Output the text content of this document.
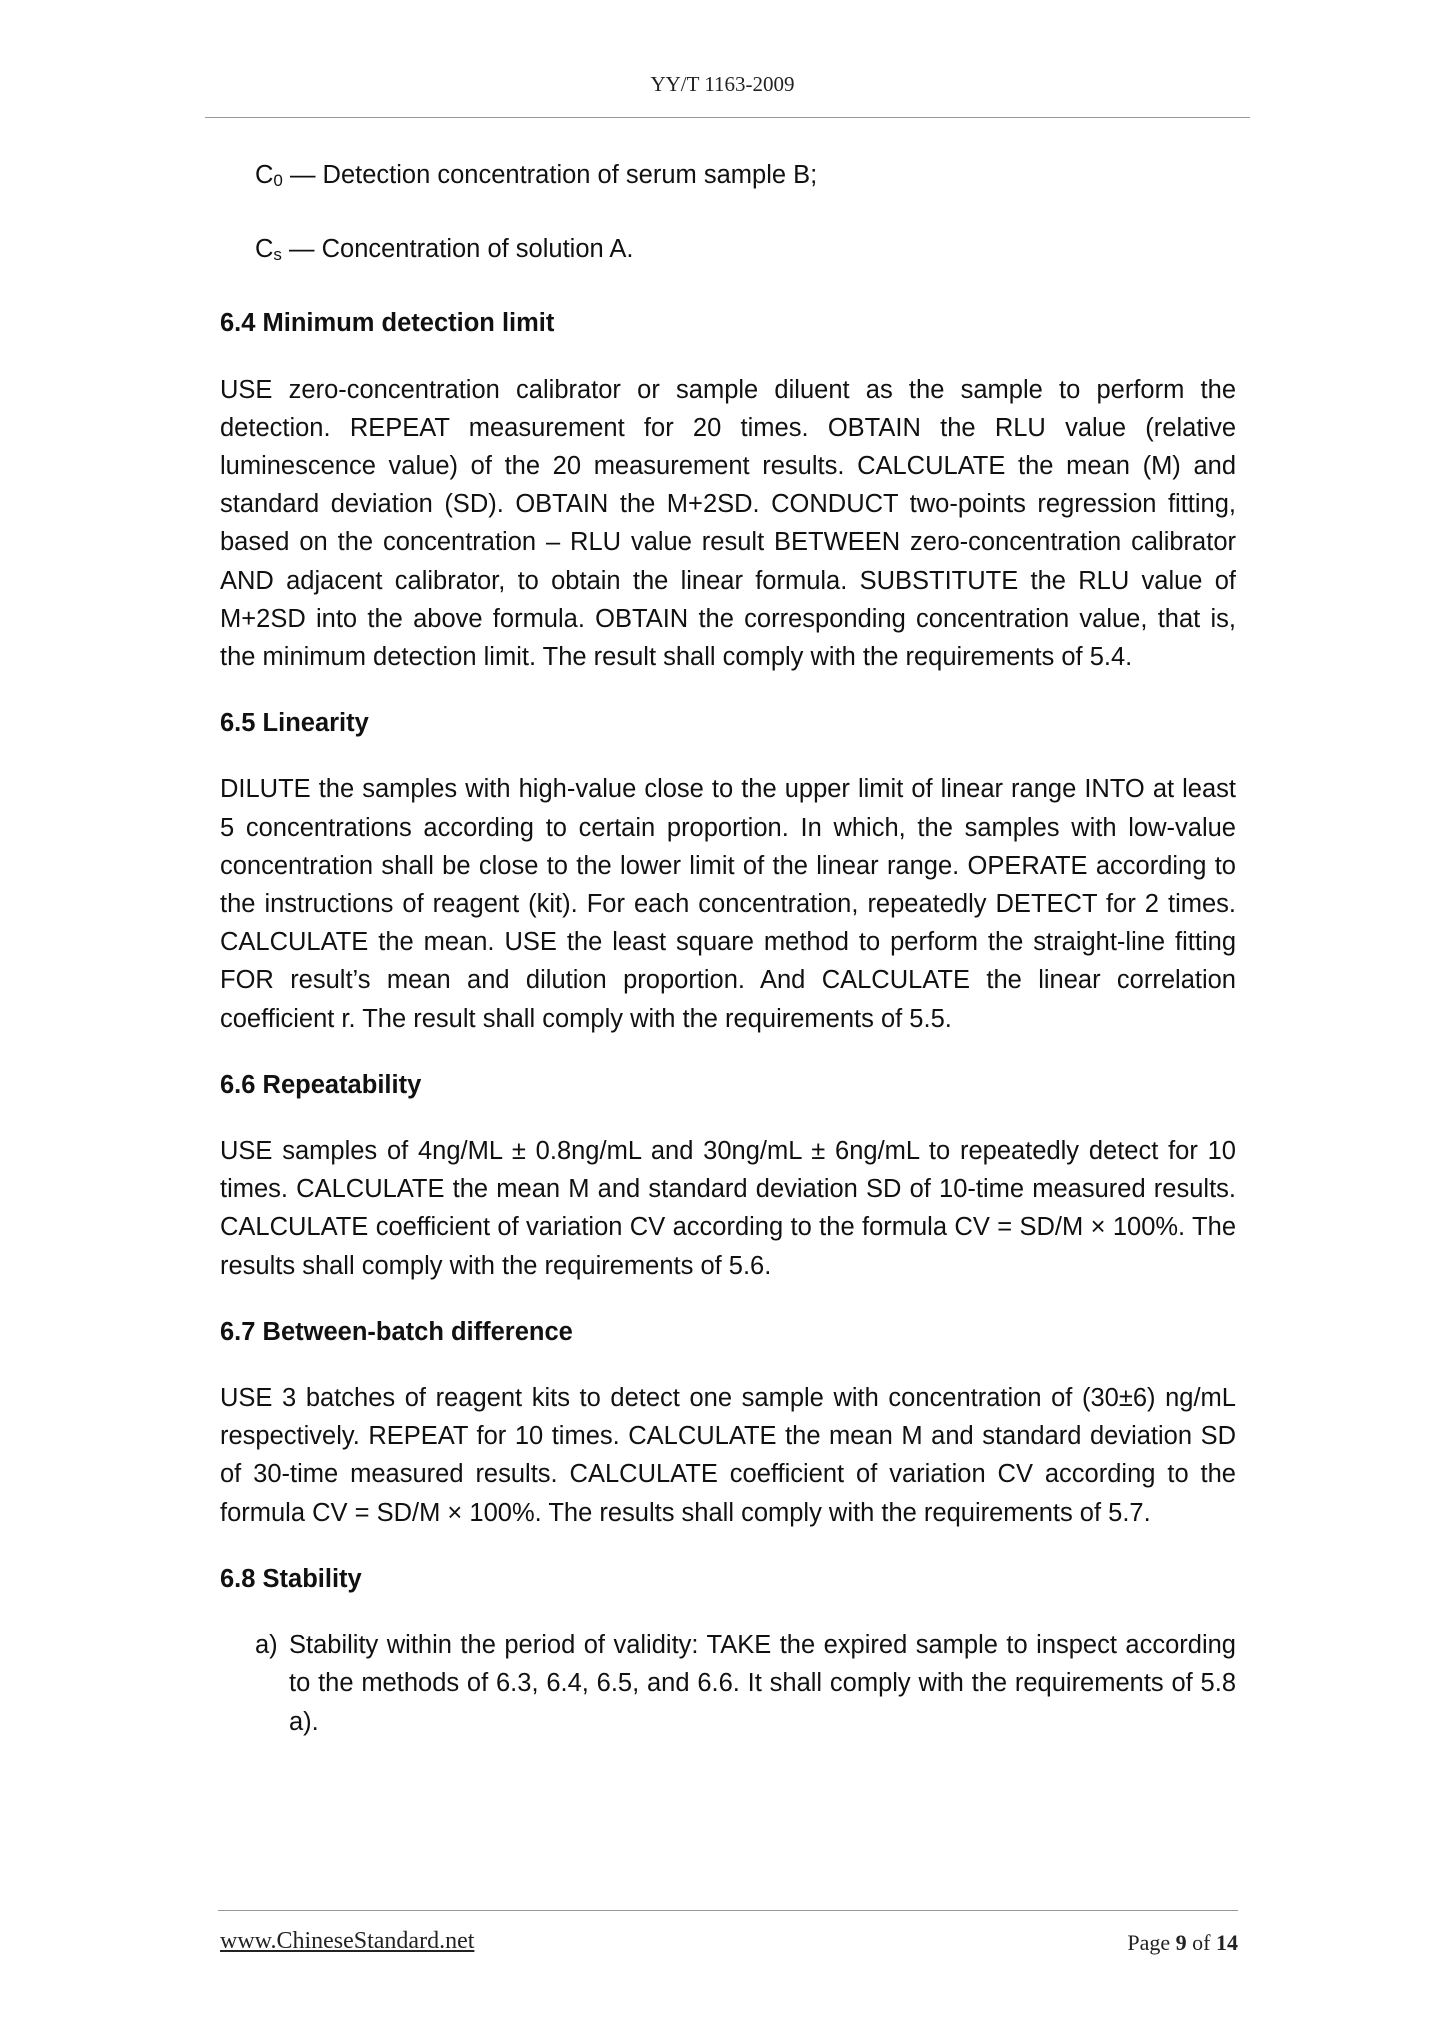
YY/T 1163-2009
$C_0$ — Detection concentration of serum sample B;
$C_s$ — Concentration of solution A.
6.4 Minimum detection limit

USE zero-concentration calibrator or sample diluent as the sample to perform the detection. REPEAT measurement for 20 times. OBTAIN the RLU value (relative luminescence value) of the 20 measurement results. CALCULATE the mean (M) and standard deviation (SD). OBTAIN the M+2SD. CONDUCT two-points regression fitting, based on the concentration – RLU value result BETWEEN zero-concentration calibrator AND adjacent calibrator, to obtain the linear formula. SUBSTITUTE the RLU value of M+2SD into the above formula. OBTAIN the corresponding concentration value, that is, the minimum detection limit. The result shall comply with the requirements of 5.4.

6.5 Linearity

DILUTE the samples with high-value close to the upper limit of linear range INTO at least 5 concentrations according to certain proportion. In which, the samples with low-value concentration shall be close to the lower limit of the linear range. OPERATE according to the instructions of reagent (kit). For each concentration, repeatedly DETECT for 2 times. CALCULATE the mean. USE the least square method to perform the straight-line fitting FOR result’s mean and dilution proportion. And CALCULATE the linear correlation coefficient r. The result shall comply with the requirements of 5.5.

6.6 Repeatability

USE samples of 4ng/ML ± 0.8ng/mL and 30ng/mL ± 6ng/mL to repeatedly detect for 10 times. CALCULATE the mean M and standard deviation SD of 10-time measured results. CALCULATE coefficient of variation CV according to the formula CV = SD/M × 100%. The results shall comply with the requirements of 5.6.

6.7 Between-batch difference

USE 3 batches of reagent kits to detect one sample with concentration of (30±6) ng/mL respectively. REPEAT for 10 times. CALCULATE the mean M and standard deviation SD of 30-time measured results. CALCULATE coefficient of variation CV according to the formula CV = SD/M × 100%. The results shall comply with the requirements of 5.7.

6.8 Stability
a) Stability within the period of validity: TAKE the expired sample to inspect according to the methods of 6.3, 6.4, 6.5, and 6.6. It shall comply with the requirements of 5.8 a).
www.ChineseStandard.net	Page 9 of 14
